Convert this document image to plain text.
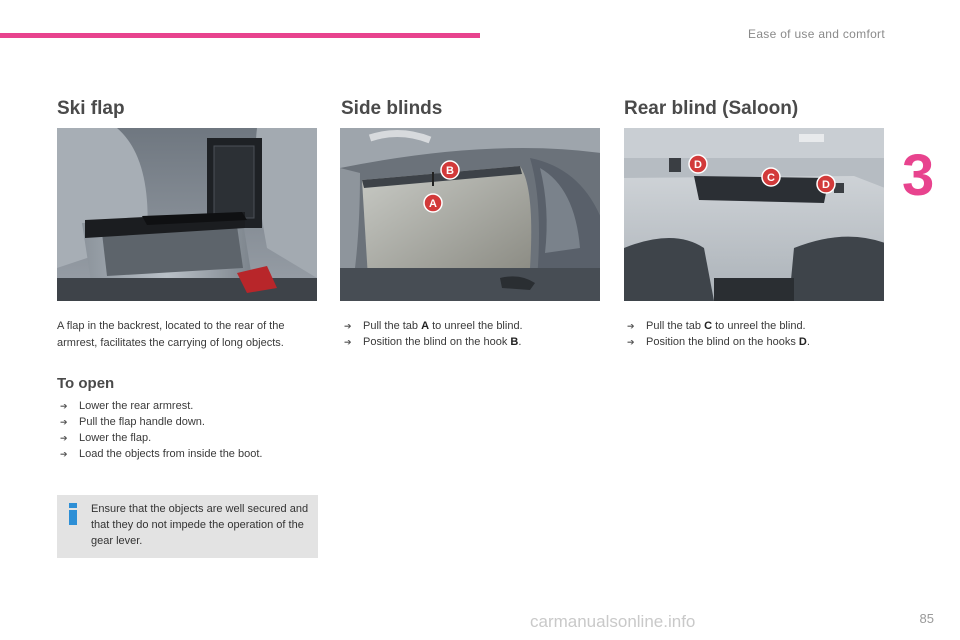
Ease of use and comfort
3
Ski flap

A flap in the backrest, located to the rear of the armrest, facilitates the carrying of long objects.

To open
➔ Lower the rear armrest.
➔ Pull the flap handle down.
➔ Lower the flap.
➔ Load the objects from inside the boot.
Ensure that the objects are well secured and that they do not impede the operation of the gear lever.
Side blinds
B
A
➔ Pull the tab A to unreel the blind.
➔ Position the blind on the hook B.
Rear blind (Saloon)
D
C
D
➔ Pull the tab C to unreel the blind.
➔ Position the blind on the hooks D.
carmanualsonline.info	85
